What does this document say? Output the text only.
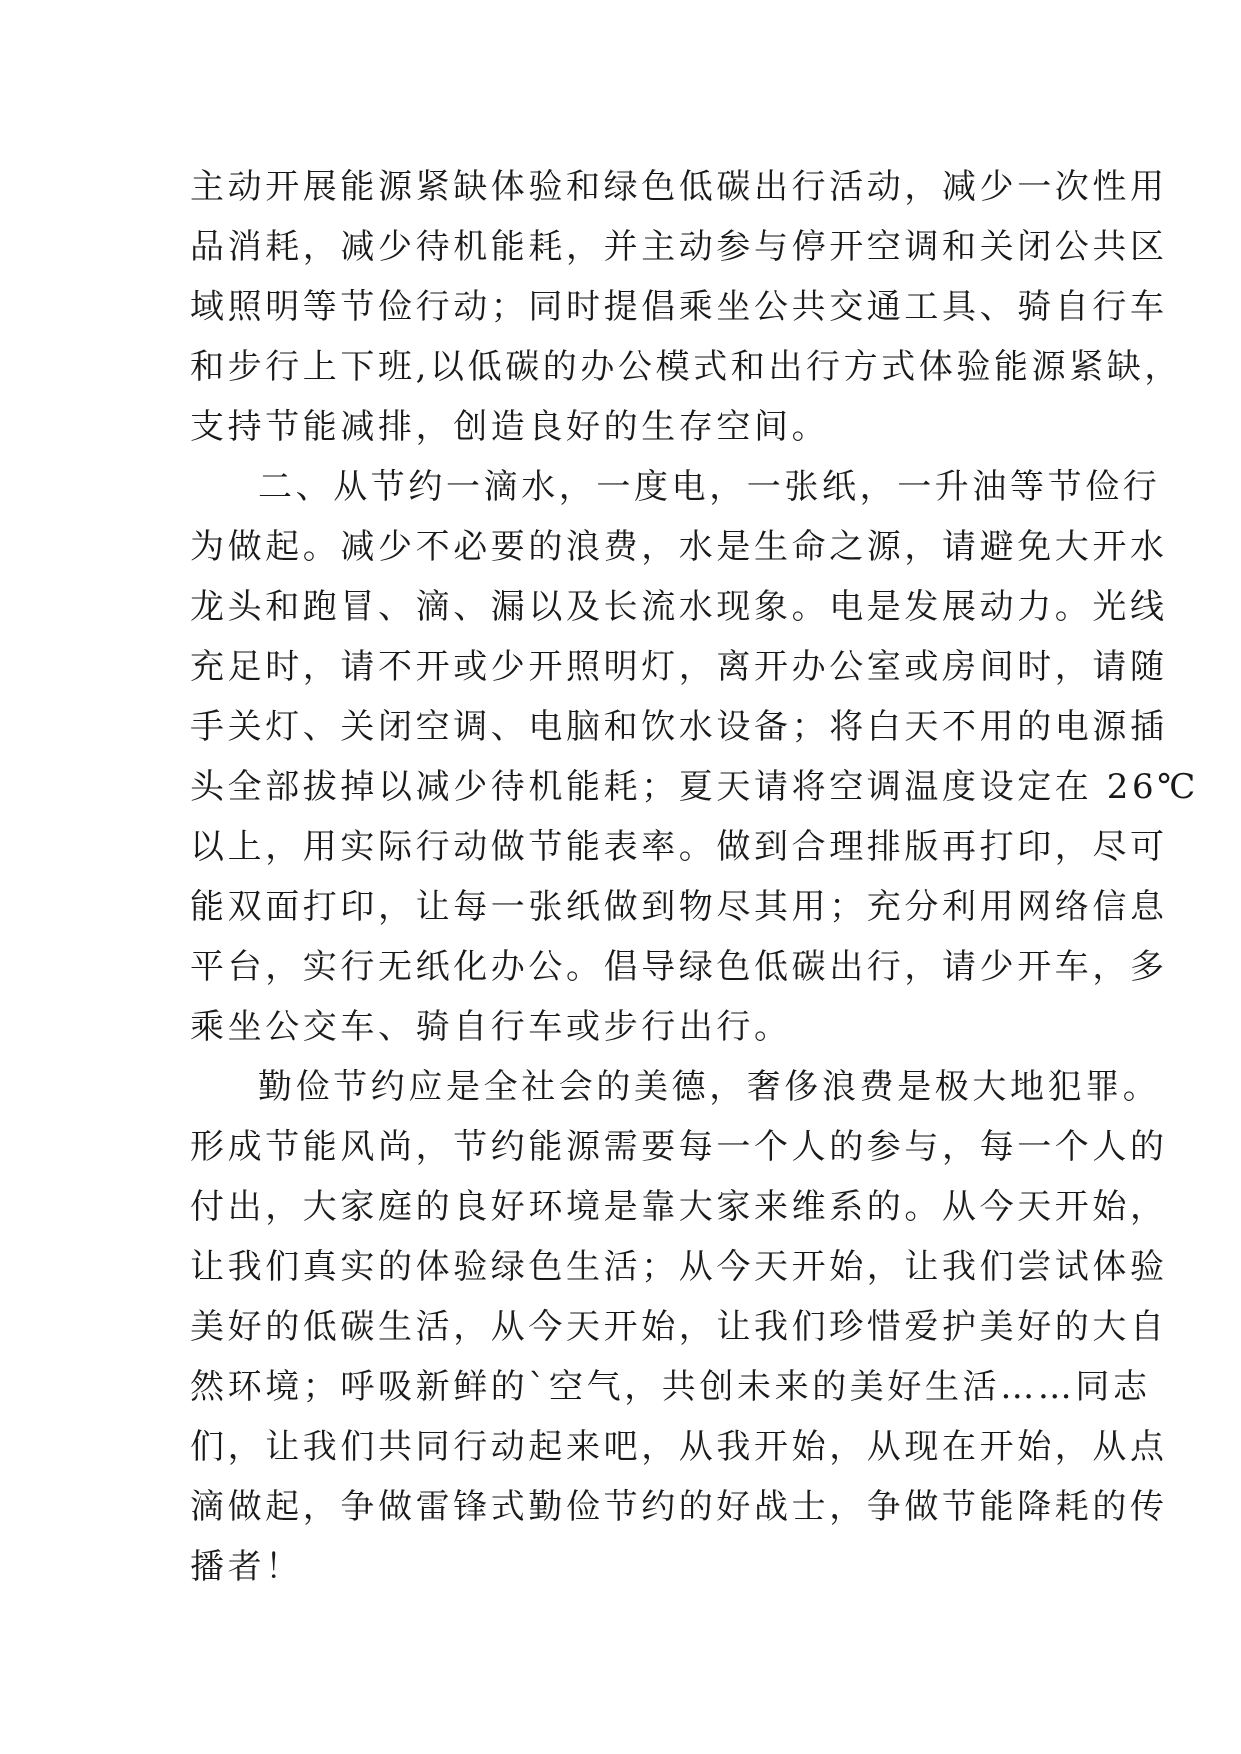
主动开展能源紧缺体验和绿色低碳出行活动，减少一次性用
品消耗，减少待机能耗，并主动参与停开空调和关闭公共区
域照明等节俭行动；同时提倡乘坐公共交通工具、骑自行车
和步行上下班,以低碳的办公模式和出行方式体验能源紧缺，
支持节能减排，创造良好的生存空间。
二、从节约一滴水，一度电，一张纸，一升油等节俭行
为做起。减少不必要的浪费，水是生命之源，请避免大开水
龙头和跑冒、滴、漏以及长流水现象。电是发展动力。光线
充足时，请不开或少开照明灯，离开办公室或房间时，请随
手关灯、关闭空调、电脑和饮水设备；将白天不用的电源插
头全部拔掉以减少待机能耗；夏天请将空调温度设定在 26℃
以上，用实际行动做节能表率。做到合理排版再打印，尽可
能双面打印，让每一张纸做到物尽其用；充分利用网络信息
平台，实行无纸化办公。倡导绿色低碳出行，请少开车，多
乘坐公交车、骑自行车或步行出行。
勤俭节约应是全社会的美德，奢侈浪费是极大地犯罪。
形成节能风尚，节约能源需要每一个人的参与，每一个人的
付出，大家庭的良好环境是靠大家来维系的。从今天开始，
让我们真实的体验绿色生活；从今天开始，让我们尝试体验
美好的低碳生活，从今天开始，让我们珍惜爱护美好的大自
然环境；呼吸新鲜的`空气，共创未来的美好生活……同志
们，让我们共同行动起来吧，从我开始，从现在开始，从点
滴做起，争做雷锋式勤俭节约的好战士，争做节能降耗的传
播者！
